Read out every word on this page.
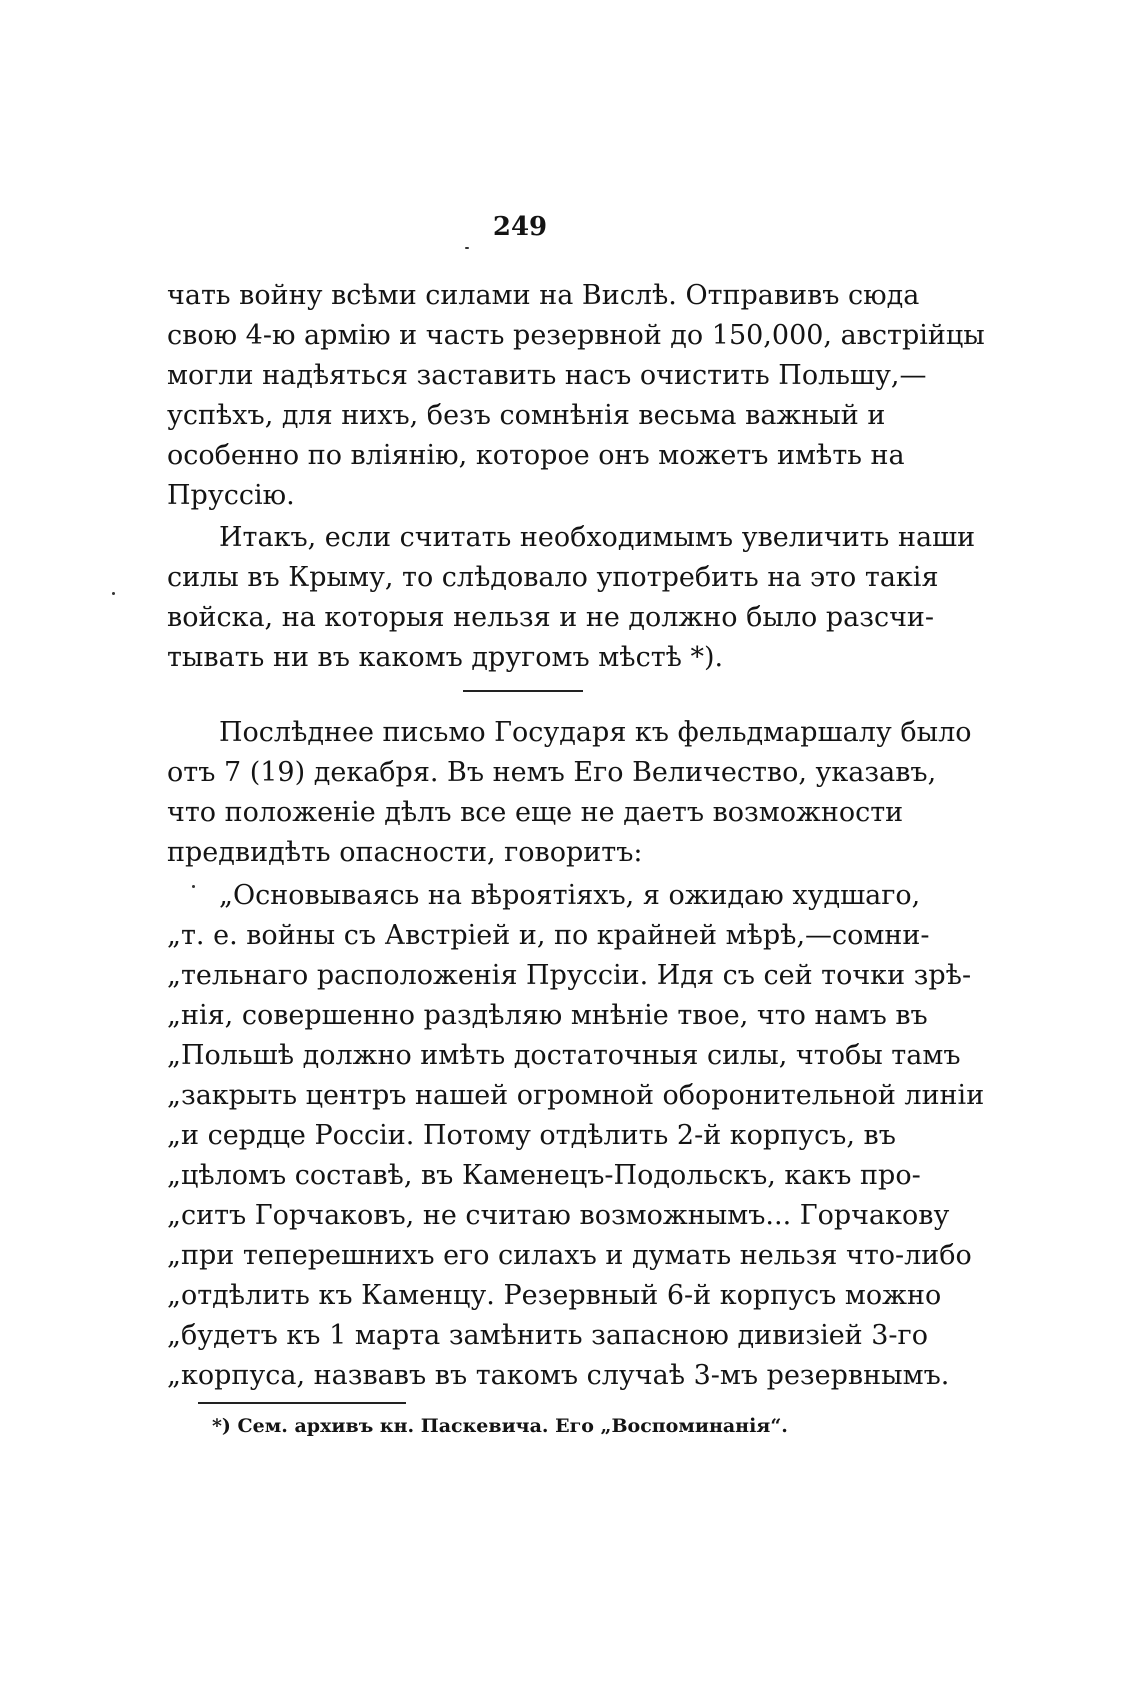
249
чать войну всѣми силами на Вислѣ. Отправивъ сюда
свою 4-ю армію и часть резервной до 150,000, австрійцы
могли надѣяться заставить насъ очистить Польшу,—
успѣхъ, для нихъ, безъ сомнѣнія весьма важный и
особенно по вліянію, которое онъ можетъ имѣть на
Пруссію.
Итакъ, если считать необходимымъ увеличить наши
силы въ Крыму, то слѣдовало употребить на это такія
войска, на которыя нельзя и не должно было разсчи-
тывать ни въ какомъ другомъ мѣстѣ *).
Послѣднее письмо Государя къ фельдмаршалу было
отъ 7 (19) декабря. Въ немъ Его Величество, указавъ,
что положеніе дѣлъ все еще не даетъ возможности
предвидѣть опасности, говоритъ:
„Основываясь на вѣроятіяхъ, я ожидаю худшаго,
„т. е. войны съ Австріей и, по крайней мѣрѣ,—сомни-
„тельнаго расположенія Пруссіи. Идя съ сей точки зрѣ-
„нія, совершенно раздѣляю мнѣніе твое, что намъ въ
„Польшѣ должно имѣть достаточныя силы, чтобы тамъ
„закрыть центръ нашей огромной оборонительной линіи
„и сердце Россіи. Потому отдѣлить 2-й корпусъ, въ
„цѣломъ составѣ, въ Каменецъ-Подольскъ, какъ про-
„ситъ Горчаковъ, не считаю возможнымъ... Горчакову
„при теперешнихъ его силахъ и думать нельзя что-либо
„отдѣлить къ Каменцу. Резервный 6-й корпусъ можно
„будетъ къ 1 марта замѣнить запасною дивизіей 3-го
„корпуса, назвавъ въ такомъ случаѣ 3-мъ резервнымъ.
*) Сем. архивъ кн. Паскевича. Его „Воспоминанія“.
